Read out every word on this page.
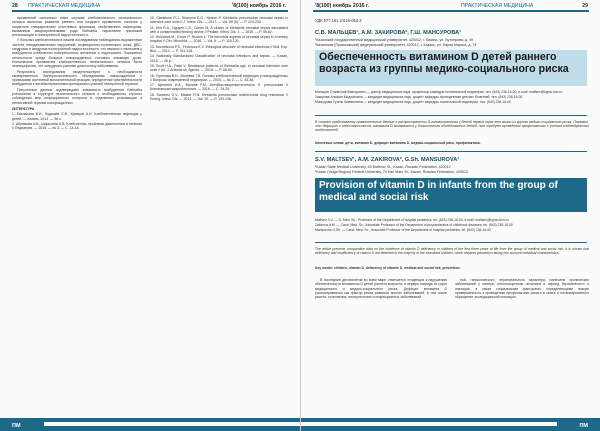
28 ПРАКТИЧЕСКАЯ МЕДИЦИНА	'8(100) ноябрь 2016 г.

проявлений описанных ниже случаев клебсиеллезного неонатального сепсиса являлось развитие раннего или позднего проявления, наличие у пациентов специфических отчетливых признаков, свойственных инфекциям, вызванным микроорганизмами рода Klebsiella, нарастание признаков интоксикации и полиорганной недостаточности.

У больных клебсиеллезом в нашем исследовании наблюдались выраженные частота гемодинамических нарушений, инфекционно-токсического шока, ДВС-синдрома и синдрома полиорганной недостаточности, что связано с наличием у возбудителя клебсиеллы поверхностных антигенов и эндотоксина. Показатель летальности среди больных новорожденных составил значимую долю. Клинические проявления клебсиеллезного неонатального сепсиса были неспецифичны, что затрудняло раннюю диагностику заболевания.

Результаты исследования свидетельствуют о необходимости своевременного бактериологического обследования новорожденных с признаками системной воспалительной реакции, определения чувствительности возбудителя к антибактериальным препаратам и ранней этиотропной терапии.

Полученные данные подтверждают значимость возбудителя Klebsiella pneumoniae в структуре неонатального сепсиса и необходимость строгого соблюдения мер инфекционного контроля в отделениях реанимации и интенсивной терапии новорожденных.

ЛИТЕРАТУРА

1. Бакланова В.И., Кудашев С.В., Кривцов А.И. Клебсиеллезная инфекция у детей. — Казань, 2014. — 96 с.

2. Абрамова А.В., Шарыгина А.В. Клебсиеллы: проблемы диагностики и лечения // Педиатрия. — 2015. — № 3. — С. 14-18.

10. Gladstone R.J., Shannon E.G., Nelson P. Klebsiella pneumoniae neonatal sepsis in intensive care units // J. Infect. Dis. — 2017. — Vol. 89 (5). — P. 224-230.

11. Kim R.A., Nguyen L.S., Cohen M. A cluster of Klebsiella neonatal sepsis associated with a contaminated feeding device // Pediatr. Infect. Dis. J. — 2015. — P. 55-62.

12. Holodova M., Grove P., Buxton L. The microbial aspects of neonatal sepsis in a tertiary hospital // Clin. Microbiol. — 2016. — Vol. 8. — P. 115-120.

13. Kuznetsova P.S., Fedorova E.V. Etiological structure of neonatal infections // Bull. Exp. Biol. — 2014. — P. 311-318.

14. Nationally Standardized Classification of neonatal infections and sepsis. — Kazan, 2015. — 45 p.

15. Scott H.A., Patel V. Resistance patterns of Klebsiella spp. in neonatal intensive care units // Int. J. Antimicrob. Agents. — 2016. — P. 88-94.

16. Горелова В.Н., Валеева Т.В. Основы клебсиеллезной инфекции у новорожденных // Вопросы современной педиатрии. — 2015. — № 2. — С. 33-38.

17. Щетинин И.А., Валиев Р.М. Антибиотикорезистентность K. pneumoniae // Клиническая микробиология. — 2016. — С. 24-29.

18. Sanchez G.V., Master R.N. Klebsiella pneumoniae antimicrobial drug resistance // Emerg. Infect. Dis. — 2013. — Vol. 19. — P. 133-136.

ПМ
'8(100) ноябрь 2016 г.	ПРАКТИЧЕСКАЯ МЕДИЦИНА	29
УДК 577.161.2:616-053.2
С.В. МАЛЬЦЕВ¹, А.М. ЗАКИРОВА², Г.Ш. МАНСУРОВА¹
¹Казанский государственный медицинский университет, 420012, г. Казань, ул. Бутлерова, д. 49
²Казанская (Приволжский) федеральный университет, 420012, г. Казань, ул. Карла Маркса, д. 74
Обеспеченность витамином D детей раннего возраста из группы медико-социального риска

Мальцев Станислав Викторович — доктор медицинских наук, профессор кафедры госпитальной педиатрии, тел. (843) 236-16-00, e-mail: maltsev@kgmu.kcn.ru

Закирова Альфия Мидхатовна — кандидат медицинских наук, доцент кафедры пропедевтики детских болезней, тел. (843) 236-16-00

Мансурова Гузель Шамилевна — кандидат медицинских наук, доцент кафедры госпитальной педиатрии, тел. (843) 236-16-00

В статье представлены сравнительные данные о распространении D-гиповитаминоза у детей первых трех лет жизни из группы медико-социального риска. Показано, что дефицит и недостаточность витамина D выявляются у большинства обследованных детей, что требует проведения профилактики с учетом индивидуальных особенностей.
Ключевые слова: дети, витамин D, дефицит витамина D, медико-социальный риск, профилактика.
S.V. MALTSEV¹, A.M. ZAKIROVA², G.Sh. MANSUROVA¹
¹Kazan State Medical University, 49 Butlerov St., Kazan, Russian Federation, 420012
²Kazan (Volga Region) Federal University, 74 Karl Marx St., Kazan, Russian Federation, 420012
Provision of vitamin D in infants from the group of medical and social risk

Maltsev S.V. — D. Med. Sc., Professor of the Department of hospital pediatrics, tel. (843) 236-16-00, e-mail: maltsev@kgmu.kcn.ru

Zakirova A.M. — Cand. Med. Sc., Associate Professor of the Department of propaedeutics of childhood diseases, tel. (843) 236-16-00

Mansurova G.Sh. — Cand. Med. Sc., Associate Professor of the Department of hospital pediatrics, tel. (843) 236-16-00

The article presents comparative data on the incidence of vitamin D deficiency in children of the first three years of life from the group of medical and social risk. It is shown that deficiency and insufficiency of vitamin D are detected in the majority of the examined children, which requires prevention taking into account individual characteristics.
Key words: children, vitamin D, deficiency of vitamin D, medical and social risk, prevention.

В последние десятилетия во всем мире отмечается тенденция к нарушению обеспеченности витамином D детей раннего возраста, в первую очередь из групп медицинского и медико-социального риска. Дефицит витамина D рассматривается как фактор риска развития многих заболеваний, в том числе рахита, остеопении, аллергических и инфекционных заболеваний.

ной, гипоксического, перинатального характера, наличием хронических заболеваний у матери, неполноценным питанием в период беременности и лактации, а также социальными факторами, определяющими низкую приверженность к проведению профилактики рахита в семье и несвоевременное обращение за медицинской помощью.

ПМ
